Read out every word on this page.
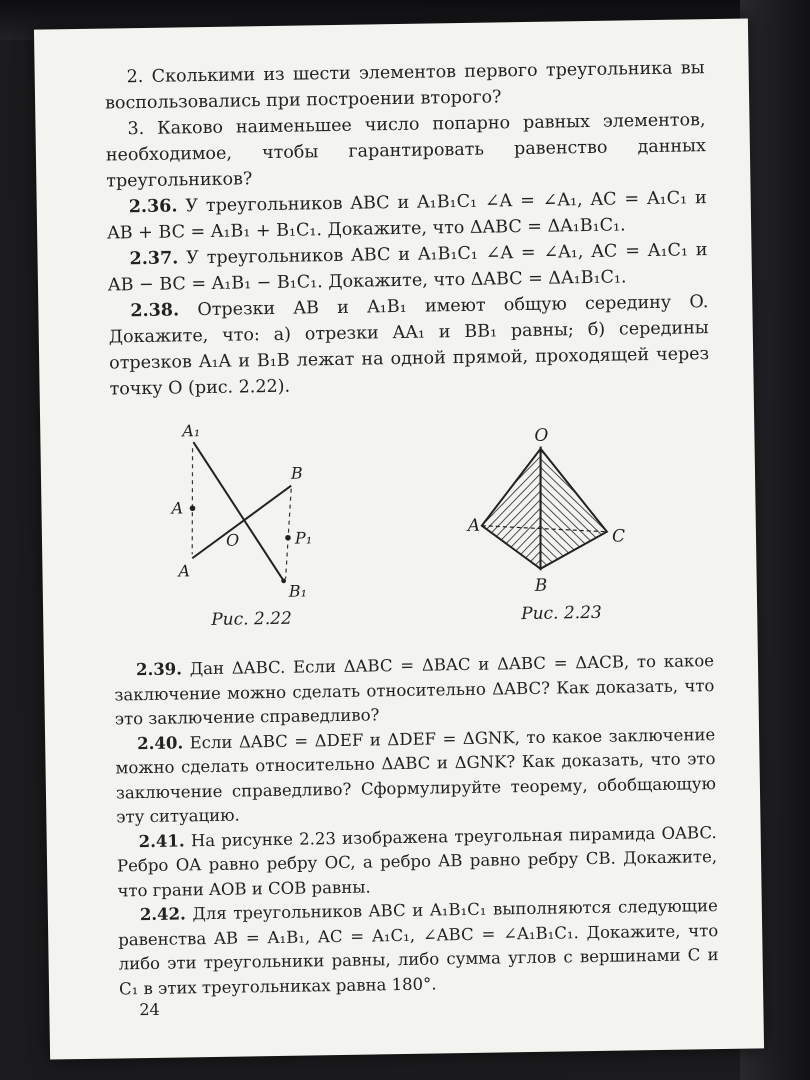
2. Сколькими из шести элементов первого треугольника вы воспользовались при построении второго?

3. Каково наименьшее число попарно равных элементов, необходимое, чтобы гарантировать равенство данных треугольников?

2.36. У треугольников ABC и A₁B₁C₁ ∠A = ∠A₁, AC = A₁C₁ и AB + BC = A₁B₁ + B₁C₁. Докажите, что ΔABC = ΔA₁B₁C₁.

2.37. У треугольников ABC и A₁B₁C₁ ∠A = ∠A₁, AC = A₁C₁ и AB − BC = A₁B₁ − B₁C₁. Докажите, что ΔABC = ΔA₁B₁C₁.

2.38. Отрезки AB и A₁B₁ имеют общую середину O. Докажите, что: а) отрезки AA₁ и BB₁ равны; б) середины отрезков A₁A и B₁B лежат на одной прямой, проходящей через точку O (рис. 2.22).

A₁
B
A
A
O	P₁
B₁
Рис. 2.22
O
A
B
C
Рис. 2.23

2.39. Дан ΔABC. Если ΔABC = ΔBAC и ΔABC = ΔACB, то какое заключение можно сделать относительно ΔABC? Как доказать, что это заключение справедливо?

2.40. Если ΔABC = ΔDEF и ΔDEF = ΔGNK, то какое заключение можно сделать относительно ΔABC и ΔGNK? Как доказать, что это заключение справедливо? Сформулируйте теорему, обобщающую эту ситуацию.

2.41. На рисунке 2.23 изображена треугольная пирамида OABC. Ребро OA равно ребру OC, а ребро AB равно ребру CB. Докажите, что грани AOB и COB равны.

2.42. Для треугольников ABC и A₁B₁C₁ выполняются следующие равенства AB = A₁B₁, AC = A₁C₁, ∠ABC = ∠A₁B₁C₁. Докажите, что либо эти треугольники равны, либо сумма углов с вершинами C и C₁ в этих треугольниках равна 180°.

24
